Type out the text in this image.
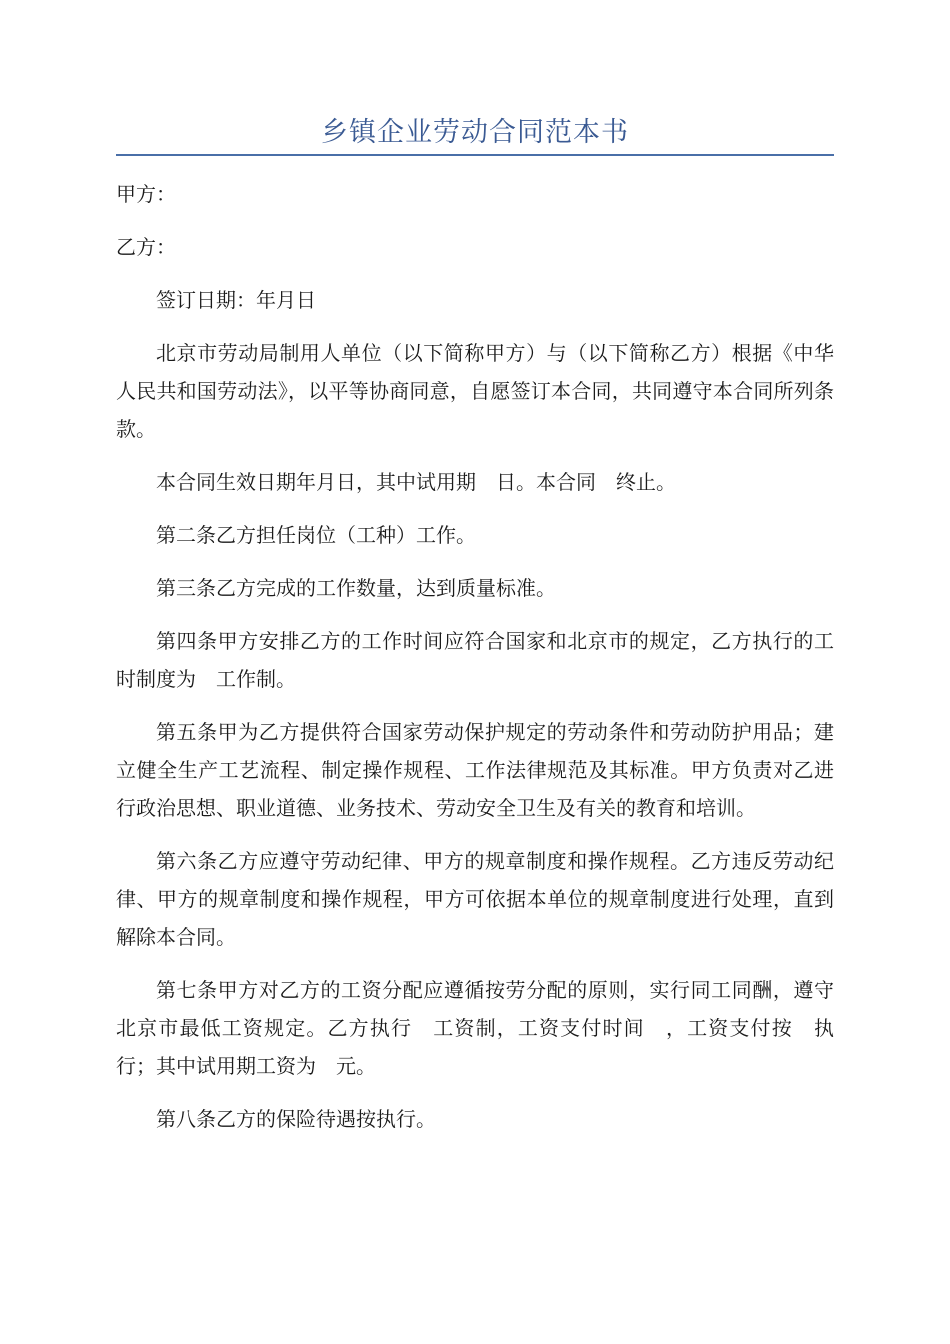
乡镇企业劳动合同范本书

甲方：

乙方：

签订日期：年月日

北京市劳动局制用人单位（以下简称甲方）与（以下简称乙方）根据《中华人民共和国劳动法》，以平等协商同意，自愿签订本合同，共同遵守本合同所列条款。

本合同生效日期年月日，其中试用期　日。本合同　终止。

第二条乙方担任岗位（工种）工作。

第三条乙方完成的工作数量，达到质量标准。

第四条甲方安排乙方的工作时间应符合国家和北京市的规定，乙方执行的工时制度为　工作制。

第五条甲为乙方提供符合国家劳动保护规定的劳动条件和劳动防护用品；建立健全生产工艺流程、制定操作规程、工作法律规范及其标准。甲方负责对乙进行政治思想、职业道德、业务技术、劳动安全卫生及有关的教育和培训。

第六条乙方应遵守劳动纪律、甲方的规章制度和操作规程。乙方违反劳动纪律、甲方的规章制度和操作规程，甲方可依据本单位的规章制度进行处理，直到解除本合同。

第七条甲方对乙方的工资分配应遵循按劳分配的原则，实行同工同酬，遵守北京市最低工资规定。乙方执行　工资制，工资支付时间　，工资支付按　执行；其中试用期工资为　元。

第八条乙方的保险待遇按执行。
